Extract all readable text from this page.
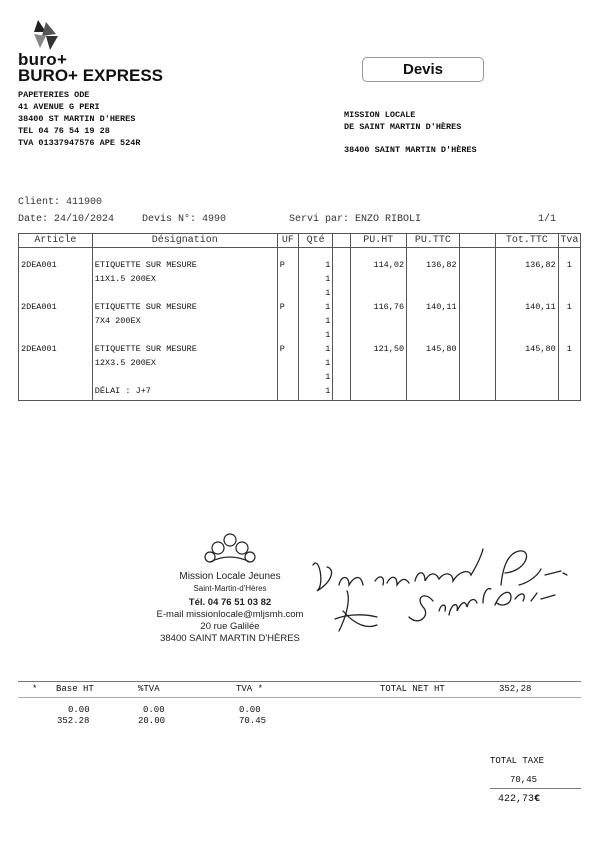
buro+
BURO+ EXPRESS
PAPETERIES ODE
41 AVENUE G PERI
38400 ST MARTIN D'HERES
TEL 04 76 54 19 28
TVA 01337947576 APE 524R
Devis
MISSION LOCALE
DE SAINT MARTIN D'HÈRES
38400 SAINT MARTIN D'HÈRES
Client: 411900
Date: 24/10/2024	Devis N°: 4990	Servi par: ENZO RIBOLI	1/1
Article	Désignation	UF	Qté		PU.HT	PU.TTC		Tot.TTC	Tva

2DEA001	ETIQUETTE SUR MESURE	P	1		114,02	136,82		136,82	1
	11X1.5 200EX		1						
			1						
2DEA001	ETIQUETTE SUR MESURE	P	1		116,76	140,11		140,11	1
	7X4 200EX		1						
			1						
2DEA001	ETIQUETTE SUR MESURE	P	1		121,50	145,80		145,80	1
	12X3.5 200EX		1						
			1						
	DÉLAI : J+7		1						
Mission Locale Jeunes
Saint-Martin-d'Hères
Tél. 04 76 51 03 82
E-mail missionlocale@mljsmh.com
20 rue Galilée
38400 SAINT MARTIN D'HÈRES
* Base HT	%TVA	TVA *	TOTAL NET HT	352,28
0.00	0.00	0.00
352.28	20.00	70.45
TOTAL TAXE
70,45
422,73€
